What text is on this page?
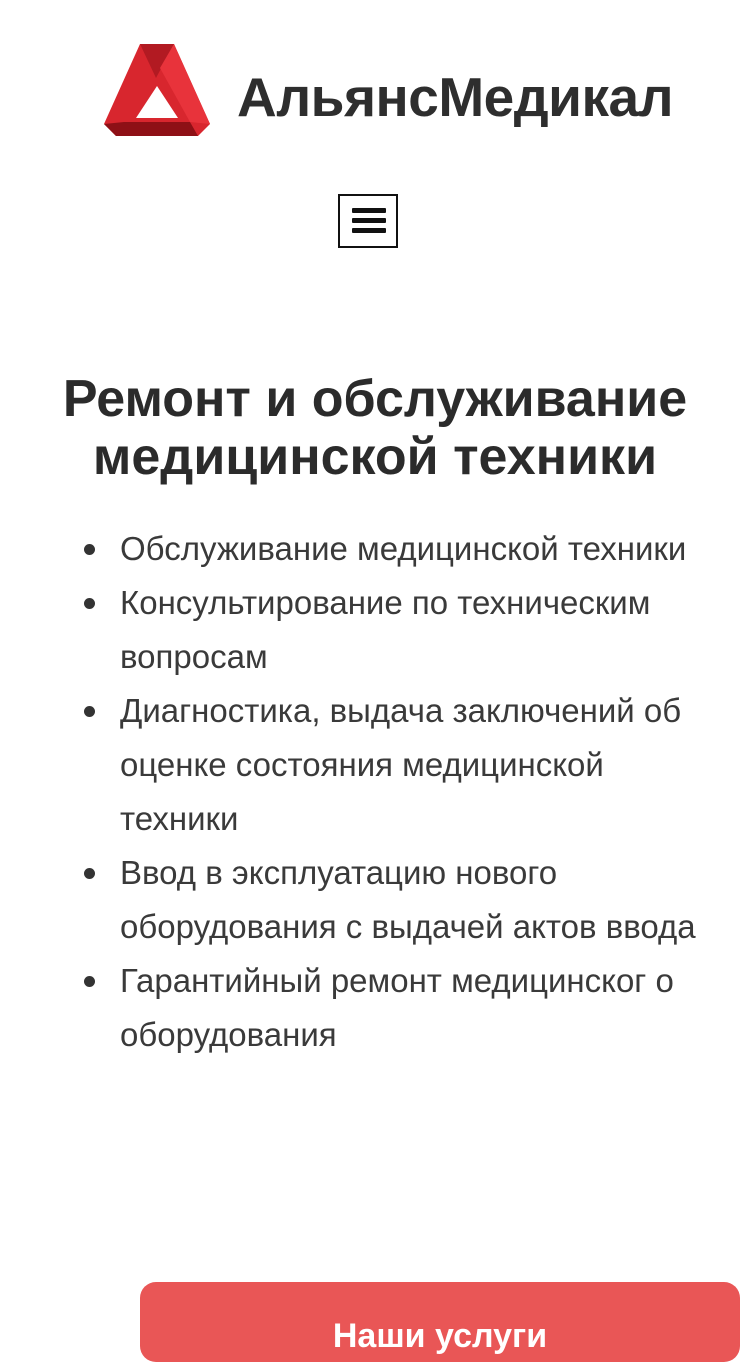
АльянсМедикал
Ремонт и обслуживание медицинской техники
Обслуживание медицинской техники
Консультирование по техническим вопросам
Диагностика, выдача заключений об оценке состояния медицинской техники
Ввод в эксплуатацию нового оборудования с выдачей актов ввода
Гарантийный ремонт медицинског о оборудования
Наши услуги
